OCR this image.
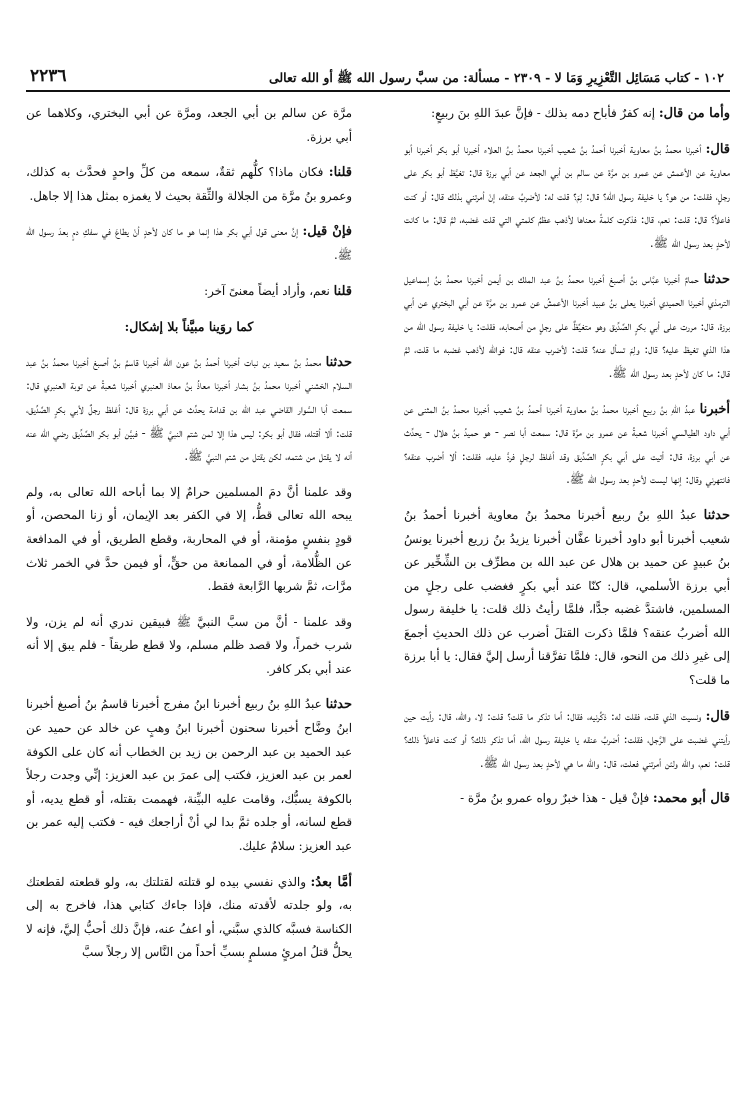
١٠٢ - كتاب مَسَائِل التَّعْزِيرِ وَمَا لا - ٢٣٠٩ - مسألة: من سبَّ رسول الله ﷺ أو الله تعالى
٢٢٣٦

وأما من قال: إنه كفرٌ فأباح دمه بذلك - فإنَّ عبدَ اللهِ بنَ ربيعٍ:

قال: أخبرنا محمدُ بنُ معاوية أخبرنا أحمدُ بنُ شعيب أخبرنا محمدُ بنُ العلاء أخبرنا أبو بكر أخبرنا أبو معاوية عن الأعمش عن عمرو بن مرَّة عن سالم بن أبي الجعد عن أبي برزة قال: تغيَّظ أبو بكر على رجلٍ، فقلت: من هو؟ يا خليفة رسول الله؟ قال: لِمَ؟ قلت له: لأضربُ عنقه، إنْ أمرتني بذلك قال: أو كنت فاعلاً؟ قال: قلت: نعم، قال: فذكرت كلمةً معناها لأذهب عظمُ كلمتي التي قلت غضبه، ثمَّ قال: ما كانت لأحدٍ بعد رسول الله ﷺ.

حدثنا حمامٌ أخبرنا عبَّاس بنُ أصبغ أخبرنا محمدُ بنُ عبد الملك بن أيمن أخبرنا محمدُ بنُ إسماعيل الترمذي أخبرنا الحميدي أخبرنا يعلى بنُ عبيد أخبرنا الأعمشُ عن عمرو بن مرَّة عن أبي البختري عن أبي برزة، قال: مررت على أبي بكرٍ الصِّدِّيق وهو متغيِّظٌ على رجلٍ من أصحابه، فقلت: يا خليفة رسول الله من هذا الذي تغيظ عليه؟ قال: ولِمَ تسأل عنه؟ قلت: لأضرب عنقه قال: فوالله لأذهب غضبه ما قلت، ثمَّ قال: ما كان لأحدٍ بعد رسول الله ﷺ.

أخبرنا عبدُ اللهِ بنُ ربيع أخبرنا محمدُ بنُ معاوية أخبرنا أحمدُ بنُ شعيب أخبرنا محمدُ بنُ المثنى عن أبي داود الطيالسي أخبرنا شعبةُ عن عمرو بن مرَّة قال: سمعت أبا نصر - هو حميدُ بنُ هلال - يحدِّث عن أبي برزة، قال: أتيت على أبي بكرٍ الصِّدِّيق وقد أغلظ لرجلٍ فردَّ عليه، فقلت: ألا أضرب عنقه؟ فانتهرني وقال: إنها ليست لأحدٍ بعد رسول الله ﷺ.

حدثنا عبدُ اللهِ بنُ ربيع أخبرنا محمدُ بنُ معاوية أخبرنا أحمدُ بنُ شعيب أخبرنا أبو داود أخبرنا عفَّان أخبرنا يزيدُ بنُ زريع أخبرنا يونسُ بنُ عبيدٍ عن حميد بن هلال عن عبد الله بن مطرِّف بن الشِّخِّير عن أبي برزة الأسلمي، قال: كنّا عند أبي بكرٍ فغضب على رجلٍ من المسلمين، فاشتدَّ غضبه جدًّا، فلمَّا رأيتُ ذلك قلت: يا خليفة رسول الله أضربُ عنقه؟ فلمَّا ذكرت القتلَ أضرب عن ذلك الحديثِ أجمعَ إلى غيرِ ذلك من النحو، قال: فلمَّا تفرَّقنا أرسل إليَّ فقال: يا أبا برزة ما قلت؟

قال: ونسيت الذي قلت، فقلت له: ذكِّرنيه، فقال: أما تذكر ما قلت؟ قلت: لا، والله، قال: رأيت حين رأيتني غضبت على الرَّجل، فقلت: أضربُ عنقه يا خليفة رسول الله، أما تذكر ذلك؟ أو كنت فاعلاً ذلك؟ قلت: نعم، والله ولئن أمرتني فعلت، قال: والله ما هي لأحدٍ بعد رسول الله ﷺ.

قال أبو محمد: فإنْ قيل - هذا خبرٌ رواه عمرو بنُ مرَّة -

مرَّة عن سالم بن أبي الجعد، ومرَّة عن أبي البختري، وكلاهما عن أبي برزة.

قلنا: فكان ماذا؟ كلُّهم ثقةٌ، سمعه من كلِّ واحدٍ فحدَّث به كذلك، وعمرو بنُ مرَّة من الجلالة والثِّقة بحيث لا يغمزه بمثل هذا إلا جاهل.

فإنْ قيل: إنَّ معنى قول أبي بكر هذا إنما هو ما كان لأحدٍ أنْ يطاعَ في سفكِ دمٍ بعدَ رسول الله ﷺ.

قلنا نعم، وأراد أيضاً معنىً آخر:

كما روَينا مبيَّناً بلا إشكال:

حدثنا محمدُ بنُ سعيد بن نبات أخبرنا أحمدُ بنُ عون الله أخبرنا قاسمُ بنُ أصبغ أخبرنا محمدُ بنُ عبد السلام الخشني أخبرنا محمدُ بنُ بشار أخبرنا معاذُ بنُ معاذ العنبري أخبرنا شعبةُ عن توبة العنبري قال: سمعت أبا السَّوار القاضي عبد الله بن قدامة يحدِّث عن أبي برزة قال: أغلظ رجلٌ لأبي بكرٍ الصِّدِّيق، قلت: ألا أقتله، فقال أبو بكر: ليس هذا إلا لمن شتم النبيَّ ﷺ - فبيَّن أبو بكر الصِّدِّيق رضي الله عنه أنه لا يقتل من شتمه، لكن يقتل من شتم النبيَّ ﷺ.

وقد علمنا أنَّ دمَ المسلمين حرامٌ إلا بما أباحه الله تعالى به، ولم يبحه الله تعالى قطُّ، إلا في الكفر بعد الإيمان، أو زنا المحصن، أو قودٍ بنفسٍ مؤمنة، أو في المحاربة، وقطع الطريق، أو في المدافعة عن الظُّلامة، أو في الممانعة من حقٍّ، أو فيمن حدَّ في الخمر ثلاث مرَّات، ثمَّ شربها الرَّابعة فقط.

وقد علمنا - أنَّ من سبَّ النبيَّ ﷺ فبيقين ندري أنه لم يزن، ولا شرب خمراً، ولا قصد ظلم مسلم، ولا قطع طريقاً - فلم يبق إلا أنه عند أبي بكر كافر.

حدثنا عبدُ اللهِ بنُ ربيع أخبرنا ابنُ مفرج أخبرنا قاسمُ بنُ أصبغ أخبرنا ابنُ وضَّاح أخبرنا سحنون أخبرنا ابنُ وهبٍ عن خالد عن حميد عن عبد الحميد بن عبد الرحمن بن زيد بن الخطاب أنه كان على الكوفة لعمر بن عبد العزيز، فكتب إلى عمرَ بن عبد العزيز: إنِّي وجدت رجلاً بالكوفة يسبُّك، وقامت عليه البيِّنة، فهممت بقتله، أو قطع يديه، أو قطع لسانه، أو جلده ثمَّ بدا لي أنْ أراجعك فيه - فكتب إليه عمر بن عبد العزيز: سلامٌ عليك.

أمَّا بعدُ: والذي نفسي بيده لو قتلته لقتلتك به، ولو قطعته لقطعتك به، ولو جلدته لأقدته منك، فإذا جاءك كتابي هذا، فاخرج به إلى الكناسة فسبَّه كالذي سبَّني، أو اعفُ عنه، فإنَّ ذلك أحبُّ إليَّ، فإنه لا يحلُّ قتلُ امرئٍ مسلمٍ بسبِّ أحداً من النَّاس إلا رجلاً سبَّ
